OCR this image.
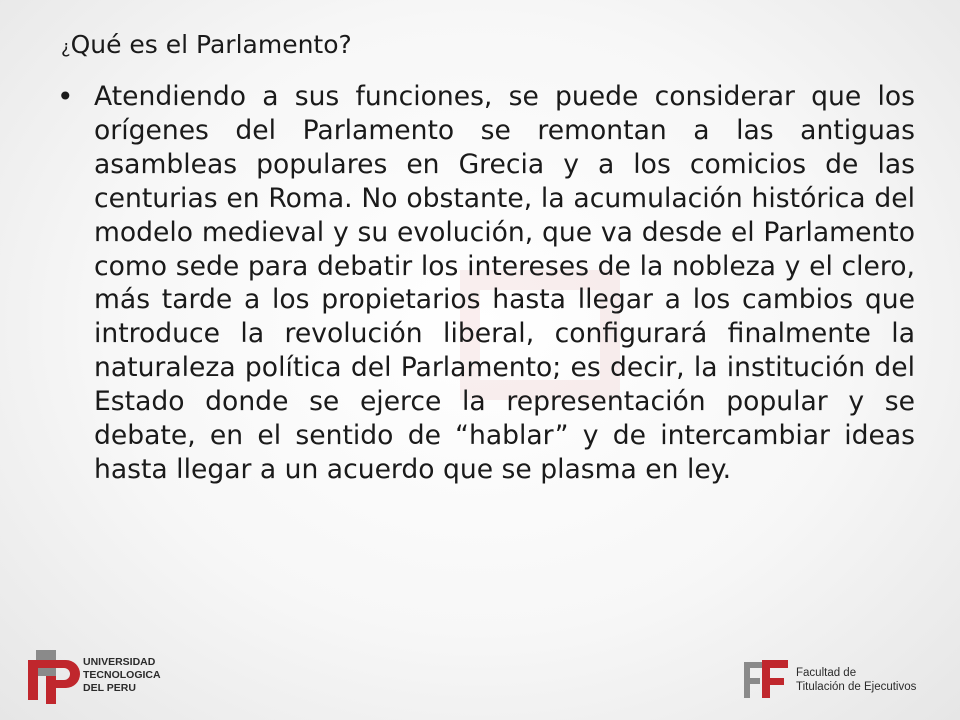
¿Qué es el Parlamento?
• Atendiendo a sus funciones, se puede considerar que los orígenes del Parlamento se remontan a las antiguas asambleas populares en Grecia y a los comicios de las centurias en Roma. No obstante, la acumulación histórica del modelo medieval y su evolución, que va desde el Parlamento como sede para debatir los intereses de la nobleza y el clero, más tarde a los propietarios hasta llegar a los cambios que introduce la revolución liberal, configurará finalmente la naturaleza política del Parlamento; es decir, la institución del Estado donde se ejerce la representación popular y se debate, en el sentido de “hablar” y de intercambiar ideas hasta llegar a un acuerdo que se plasma en ley.
UNIVERSIDAD
TECNOLOGICA
DEL PERU
Facultad de
Titulación de Ejecutivos
